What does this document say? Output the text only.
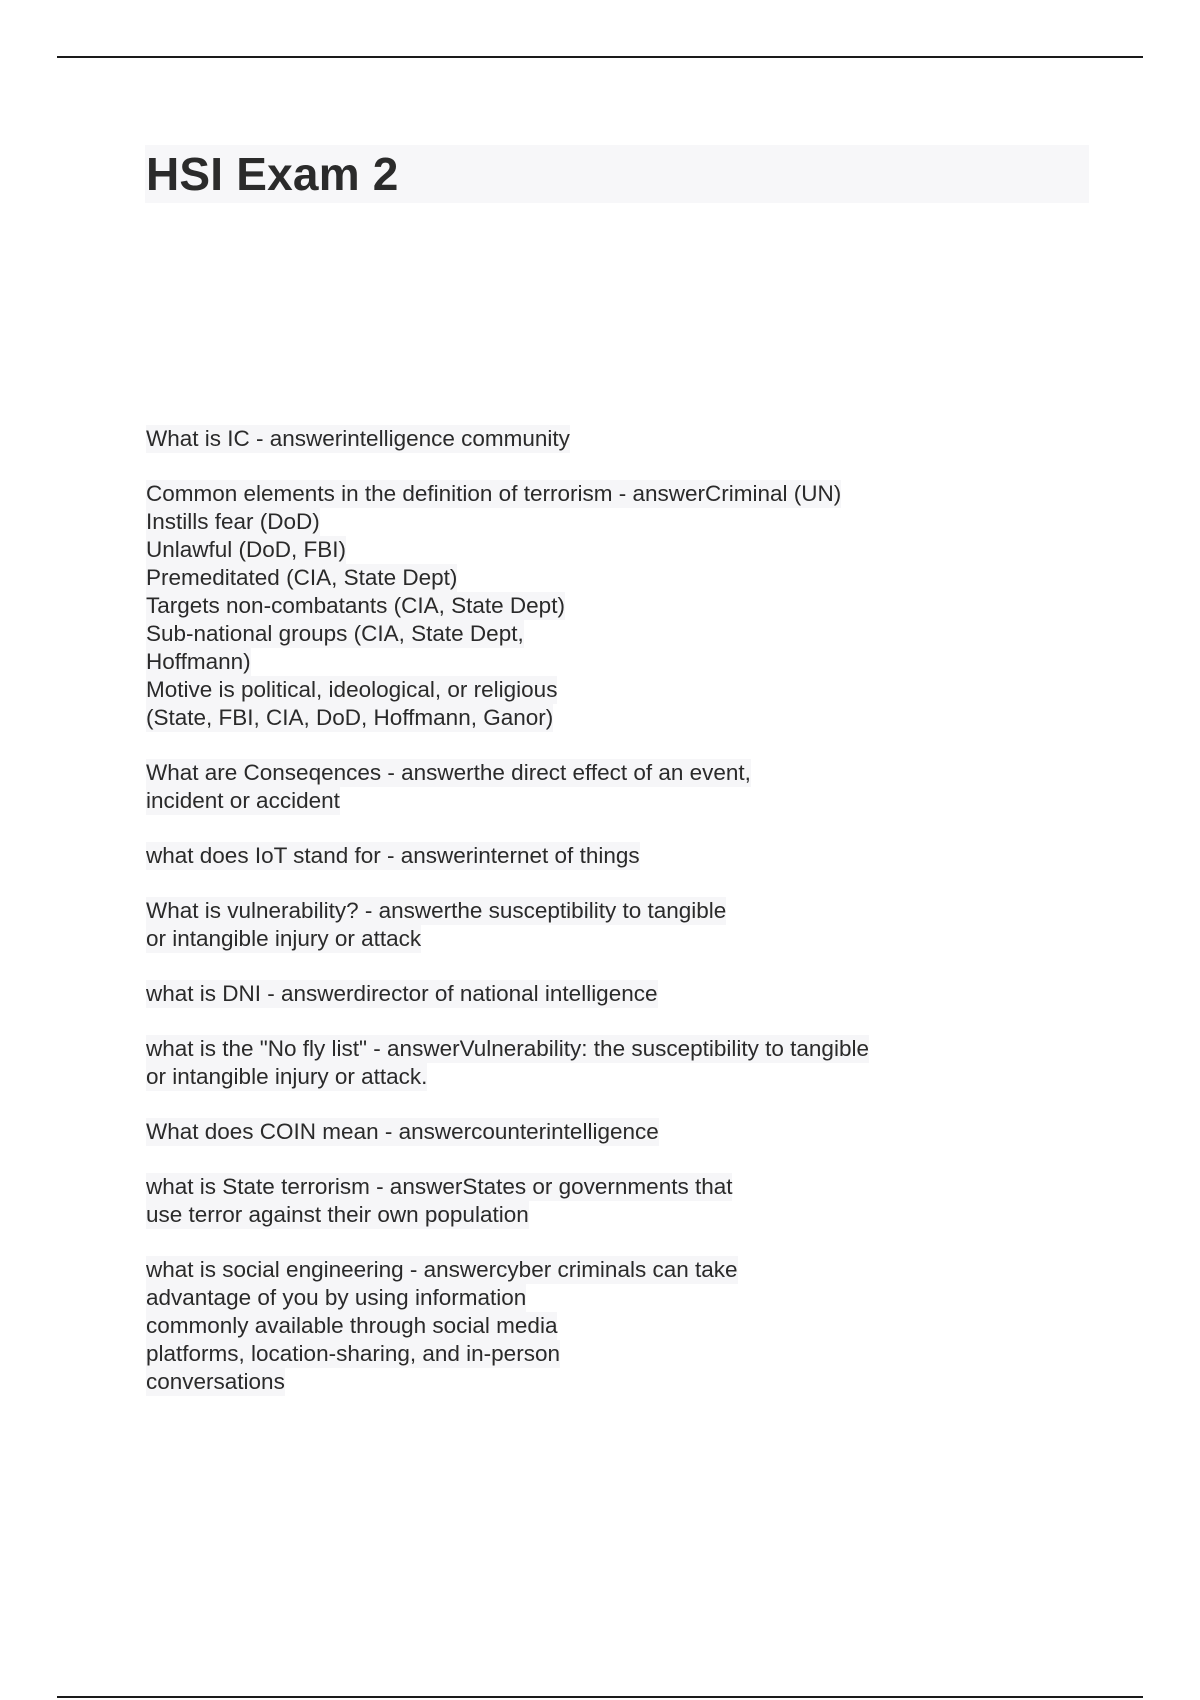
HSI Exam 2
What is IC - answerintelligence community
Common elements in the definition of terrorism - answerCriminal (UN)
Instills fear (DoD)
Unlawful (DoD, FBI)
Premeditated (CIA, State Dept)
Targets non-combatants (CIA, State Dept)
Sub-national groups (CIA, State Dept,
Hoffmann)
Motive is political, ideological, or religious
(State, FBI, CIA, DoD, Hoffmann, Ganor)
What are Conseqences - answerthe direct effect of an event,
incident or accident
what does IoT stand for - answerinternet of things
What is vulnerability? - answerthe susceptibility to tangible
or intangible injury or attack
what is DNI - answerdirector of national intelligence
what is the "No fly list" - answerVulnerability: the susceptibility to tangible
or intangible injury or attack.
What does COIN mean - answercounterintelligence
what is State terrorism - answerStates or governments that
use terror against their own population
what is social engineering - answercyber criminals can take
advantage of you by using information
commonly available through social media
platforms, location-sharing, and in-person
conversations
